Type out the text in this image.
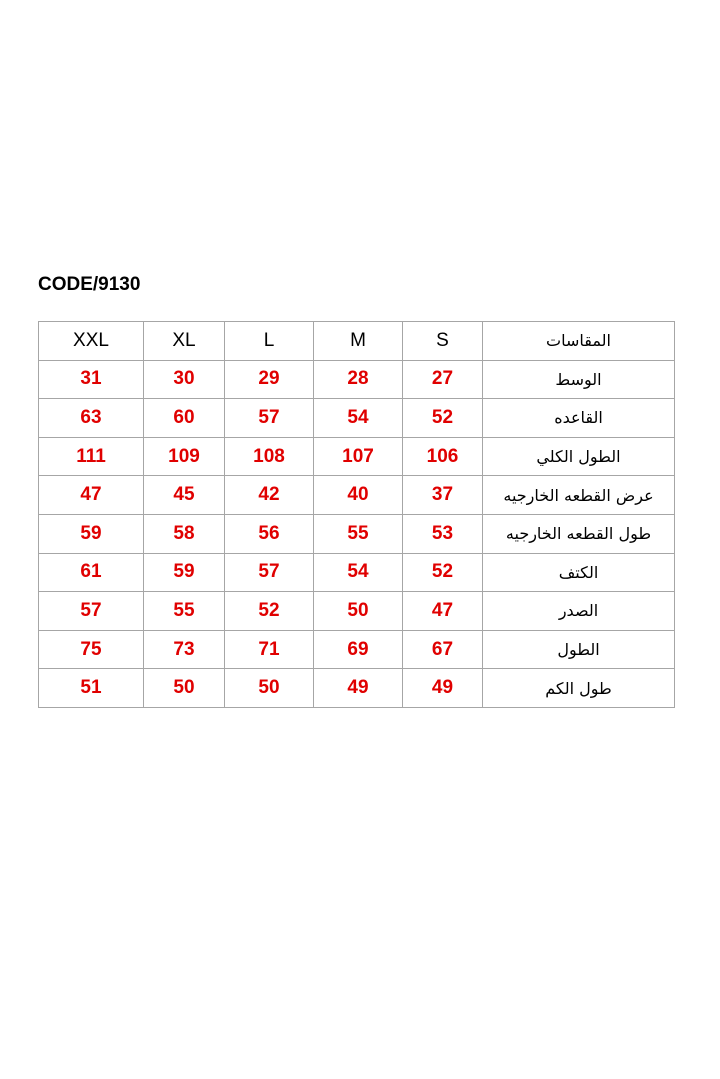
CODE/9130
XXL	XL	L	M	S	المقاسات
31	30	29	28	27	الوسط
63	60	57	54	52	القاعده
111	109	108	107	106	الطول الكلي
47	45	42	40	37	عرض القطعه الخارجيه
59	58	56	55	53	طول القطعه الخارجيه
61	59	57	54	52	الكتف
57	55	52	50	47	الصدر
75	73	71	69	67	الطول
51	50	50	49	49	طول الكم
